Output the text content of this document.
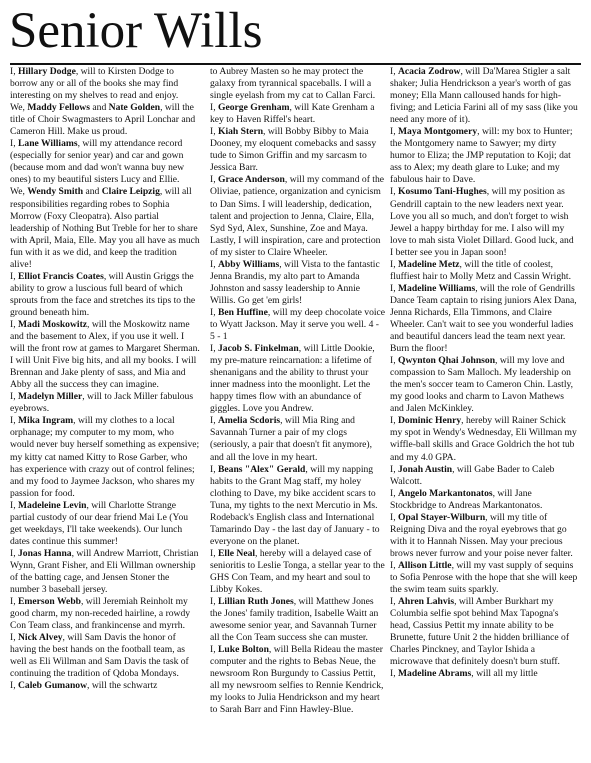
Senior Wills

I, Hillary Dodge, will to Kirsten Dodge to borrow any or all of the books she may find interesting on my shelves to read and enjoy.

We, Maddy Fellows and Nate Golden, will the title of Choir Swagmasters to April Lonchar and Cameron Hill. Make us proud.

I, Lane Williams, will my attendance record (especially for senior year) and car and gown (because mom and dad won't wanna buy new ones) to my beautiful sisters Lucy and Ellie.

We, Wendy Smith and Claire Leipzig, will all responsibilities regarding robes to Sophia Morrow (Foxy Cleopatra). Also partial leadership of Nothing But Treble for her to share with April, Maia, Elle. May you all have as much fun with it as we did, and keep the tradition alive!

I, Elliot Francis Coates, will Austin Griggs the ability to grow a luscious full beard of which sprouts from the face and stretches its tips to the ground beneath him.

I, Madi Moskowitz, will the Moskowitz name and the basement to Alex, if you use it well. I will the front row at games to Margaret Sherman. I will Unit Five big hits, and all my books. I will Brennan and Jake plenty of sass, and Mia and Abby all the success they can imagine.

I, Madelyn Miller, will to Jack Miller fabulous eyebrows.

I, Mika Ingram, will my clothes to a local orphanage; my computer to my mom, who would never buy herself something as expensive; my kitty cat named Kitty to Rose Garber, who has experience with crazy out of control felines; and my food to Jaymee Jackson, who shares my passion for food.

I, Madeleine Levin, will Charlotte Strange partial custody of our dear friend Mai Le (You get weekdays, I'll take weekends). Our lunch dates continue this summer!

I, Jonas Hanna, will Andrew Marriott, Christian Wynn, Grant Fisher, and Eli Willman ownership of the batting cage, and Jensen Stoner the number 3 baseball jersey.

I, Emerson Webb, will Jeremiah Reinholt my good charm, my non-receded hairline, a rowdy Con Team class, and frankincense and myrrh.

I, Nick Alvey, will Sam Davis the honor of having the best hands on the football team, as well as Eli Willman and Sam Davis the task of continuing the tradition of Qdoba Mondays.

I, Caleb Gumanow, will the schwartz

to Aubrey Masten so he may protect the galaxy from tyrannical spaceballs. I will a single eyelash from my cat to Callan Farci.

I, George Grenham, will Kate Grenham a key to Haven Riffel's heart.

I, Kiah Stern, will Bobby Bibby to Maia Dooney, my eloquent comebacks and sassy tude to Simon Griffin and my sarcasm to Jessica Barr.

I, Grace Anderson, will my command of the Oliviae, patience, organization and cynicism to Dan Sims. I will leadership, dedication, talent and projection to Jenna, Claire, Ella, Syd Syd, Alex, Sunshine, Zoe and Maya. Lastly, I will inspiration, care and protection of my sister to Claire Wheeler.

I, Abby Williams, will Vista to the fantastic Jenna Brandis, my alto part to Amanda Johnston and sassy leadership to Annie Willis. Go get 'em girls!

I, Ben Huffine, will my deep chocolate voice to Wyatt Jackson. May it serve you well. 4 - 5 - 1

I, Jacob S. Finkelman, will Little Dookie, my pre-mature reincarnation: a lifetime of shenanigans and the ability to thrust your inner madness into the moonlight. Let the happy times flow with an abundance of giggles. Love you Andrew.

I, Amelia Scdoris, will Mia Ring and Savannah Turner a pair of my clogs (seriously, a pair that doesn't fit anymore), and all the love in my heart.

I, Beans "Alex" Gerald, will my napping habits to the Grant Mag staff, my holey clothing to Dave, my bike accident scars to Tuna, my tights to the next Mercutio in Ms. Rodeback's English class and International Tamarindo Day - the last day of January - to everyone on the planet.

I, Elle Neal, hereby will a delayed case of senioritis to Leslie Tonga, a stellar year to the GHS Con Team, and my heart and soul to Libby Kokes.

I, Lillian Ruth Jones, will Matthew Jones the Jones' family tradition, Isabelle Waitt an awesome senior year, and Savannah Turner all the Con Team success she can muster.

I, Luke Bolton, will Bella Rideau the master computer and the rights to Bebas Neue, the newsroom Ron Burgundy to Cassius Pettit, all my newsroom selfies to Rennie Kendrick, my looks to Julia Hendrickson and my heart to Sarah Barr and Finn Hawley-Blue.

I, Acacia Zodrow, will Da'Marea Stigler a salt shaker; Julia Hendrickson a year's worth of gas money; Ella Mann calloused hands for high-fiving; and Leticia Farini all of my sass (like you need any more of it).

I, Maya Montgomery, will: my box to Hunter; the Montgomery name to Sawyer; my dirty humor to Eliza; the JMP reputation to Koji; dat ass to Alex; my death glare to Luke; and my fabulous hair to Dave.

I, Kosumo Tani-Hughes, will my position as Gendrill captain to the new leaders next year. Love you all so much, and don't forget to wish Jewel a happy birthday for me. I also will my love to mah sista Violet Dillard. Good luck, and I better see you in Japan soon!

I, Madeline Metz, will the title of coolest, fluffiest hair to Molly Metz and Cassin Wright.

I, Madeline Williams, will the role of Gendrills Dance Team captain to rising juniors Alex Dana, Jenna Richards, Ella Timmons, and Claire Wheeler. Can't wait to see you wonderful ladies and beautiful dancers lead the team next year. Burn the floor!

I, Qwynton Qhai Johnson, will my love and compassion to Sam Malloch. My leadership on the men's soccer team to Cameron Chin. Lastly, my good looks and charm to Lavon Mathews and Jalen McKinkley.

I, Dominic Henry, hereby will Rainer Schick my spot in Wendy's Wednesday, Eli Willman my wiffle-ball skills and Grace Goldrich the hot tub and my 4.0 GPA.

I, Jonah Austin, will Gabe Bader to Caleb Walcott.

I, Angelo Markantonatos, will Jane Stockbridge to Andreas Markantonatos.

I, Opal Stayer-Wilburn, will my title of Reigning Diva and the royal eyebrows that go with it to Hannah Nissen. May your precious brows never furrow and your poise never falter.

I, Allison Little, will my vast supply of sequins to Sofia Penrose with the hope that she will keep the swim team suits sparkly.

I, Ahren Lahvis, will Amber Burkhart my Columbia selfie spot behind Max Tapogna's head, Cassius Pettit my innate ability to be Brunette, future Unit 2 the hidden brilliance of Charles Pinckney, and Taylor Ishida a microwave that definitely doesn't burn stuff.

I, Madeline Abrams, will all my little
